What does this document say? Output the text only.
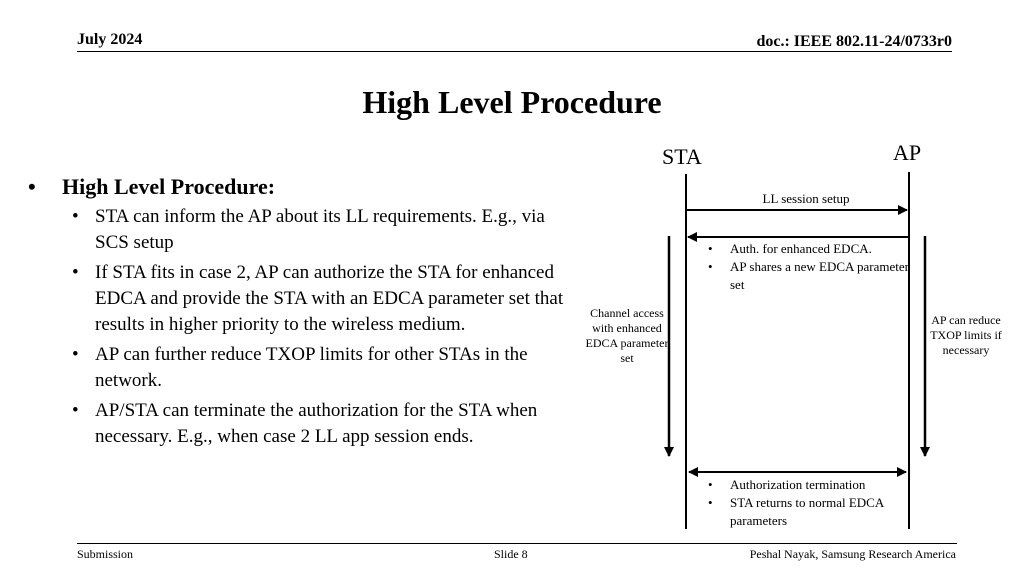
July 2024	doc.: IEEE 802.11-24/0733r0
High Level Procedure
• High Level Procedure:
• STA can inform the AP about its LL requirements. E.g., via SCS setup
• If STA fits in case 2, AP can authorize the STA for enhanced EDCA and provide the STA with an EDCA parameter set that results in higher priority to the wireless medium.
• AP can further reduce TXOP limits for other STAs in the network.
• AP/STA can terminate the authorization for the STA when necessary. E.g., when case 2 LL app session ends.
STA	AP
LL session setup
• Auth. for enhanced EDCA.
• AP shares a new EDCA parameter set
Channel access with enhanced EDCA parameter set
AP can reduce TXOP limits if necessary
• Authorization termination
• STA returns to normal EDCA parameters
Submission	Slide 8	Peshal Nayak, Samsung Research America
